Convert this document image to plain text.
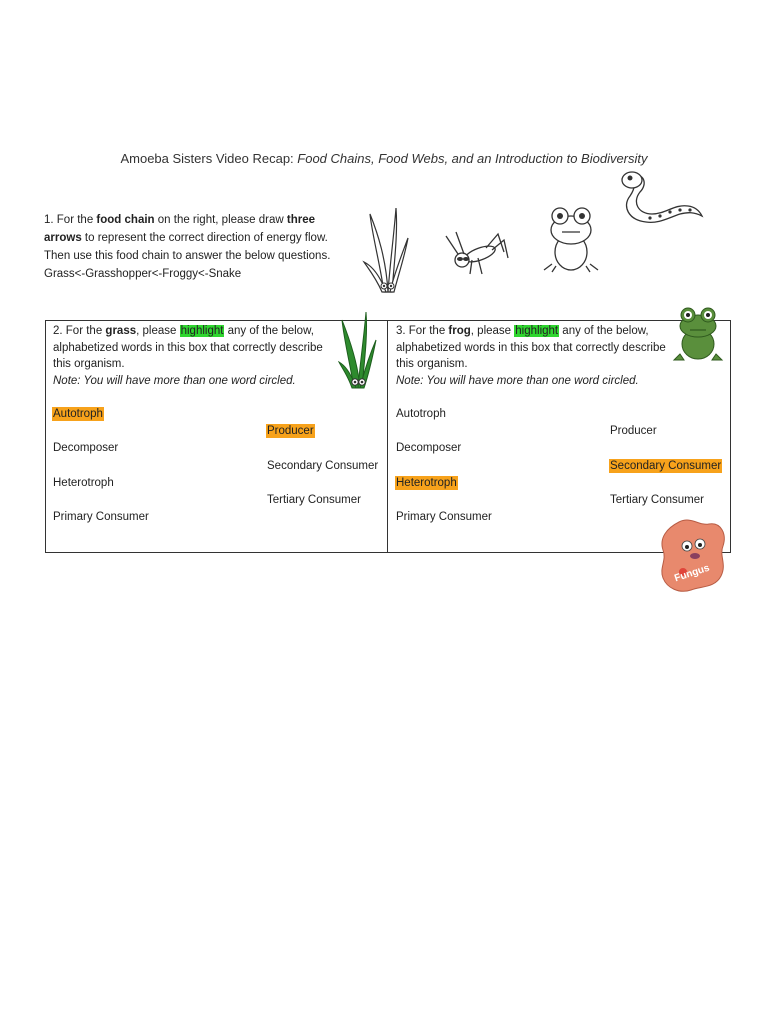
Amoeba Sisters Video Recap: Food Chains, Food Webs, and an Introduction to Biodiversity
1. For the food chain on the right, please draw three arrows to represent the correct direction of energy flow. Then use this food chain to answer the below questions.
Grass<-Grasshopper<-Froggy<-Snake
2. For the grass, please highlight any of the below, alphabetized words in this box that correctly describe this organism.
Note: You will have more than one word circled.
Autotroph
Producer
Decomposer
Secondary Consumer
Heterotroph
Tertiary Consumer
Primary Consumer
3. For the frog, please highlight any of the below, alphabetized words in this box that correctly describe this organism.
Note: You will have more than one word circled.
Autotroph
Producer
Decomposer
Secondary Consumer
Heterotroph
Tertiary Consumer
Primary Consumer
Fungus
